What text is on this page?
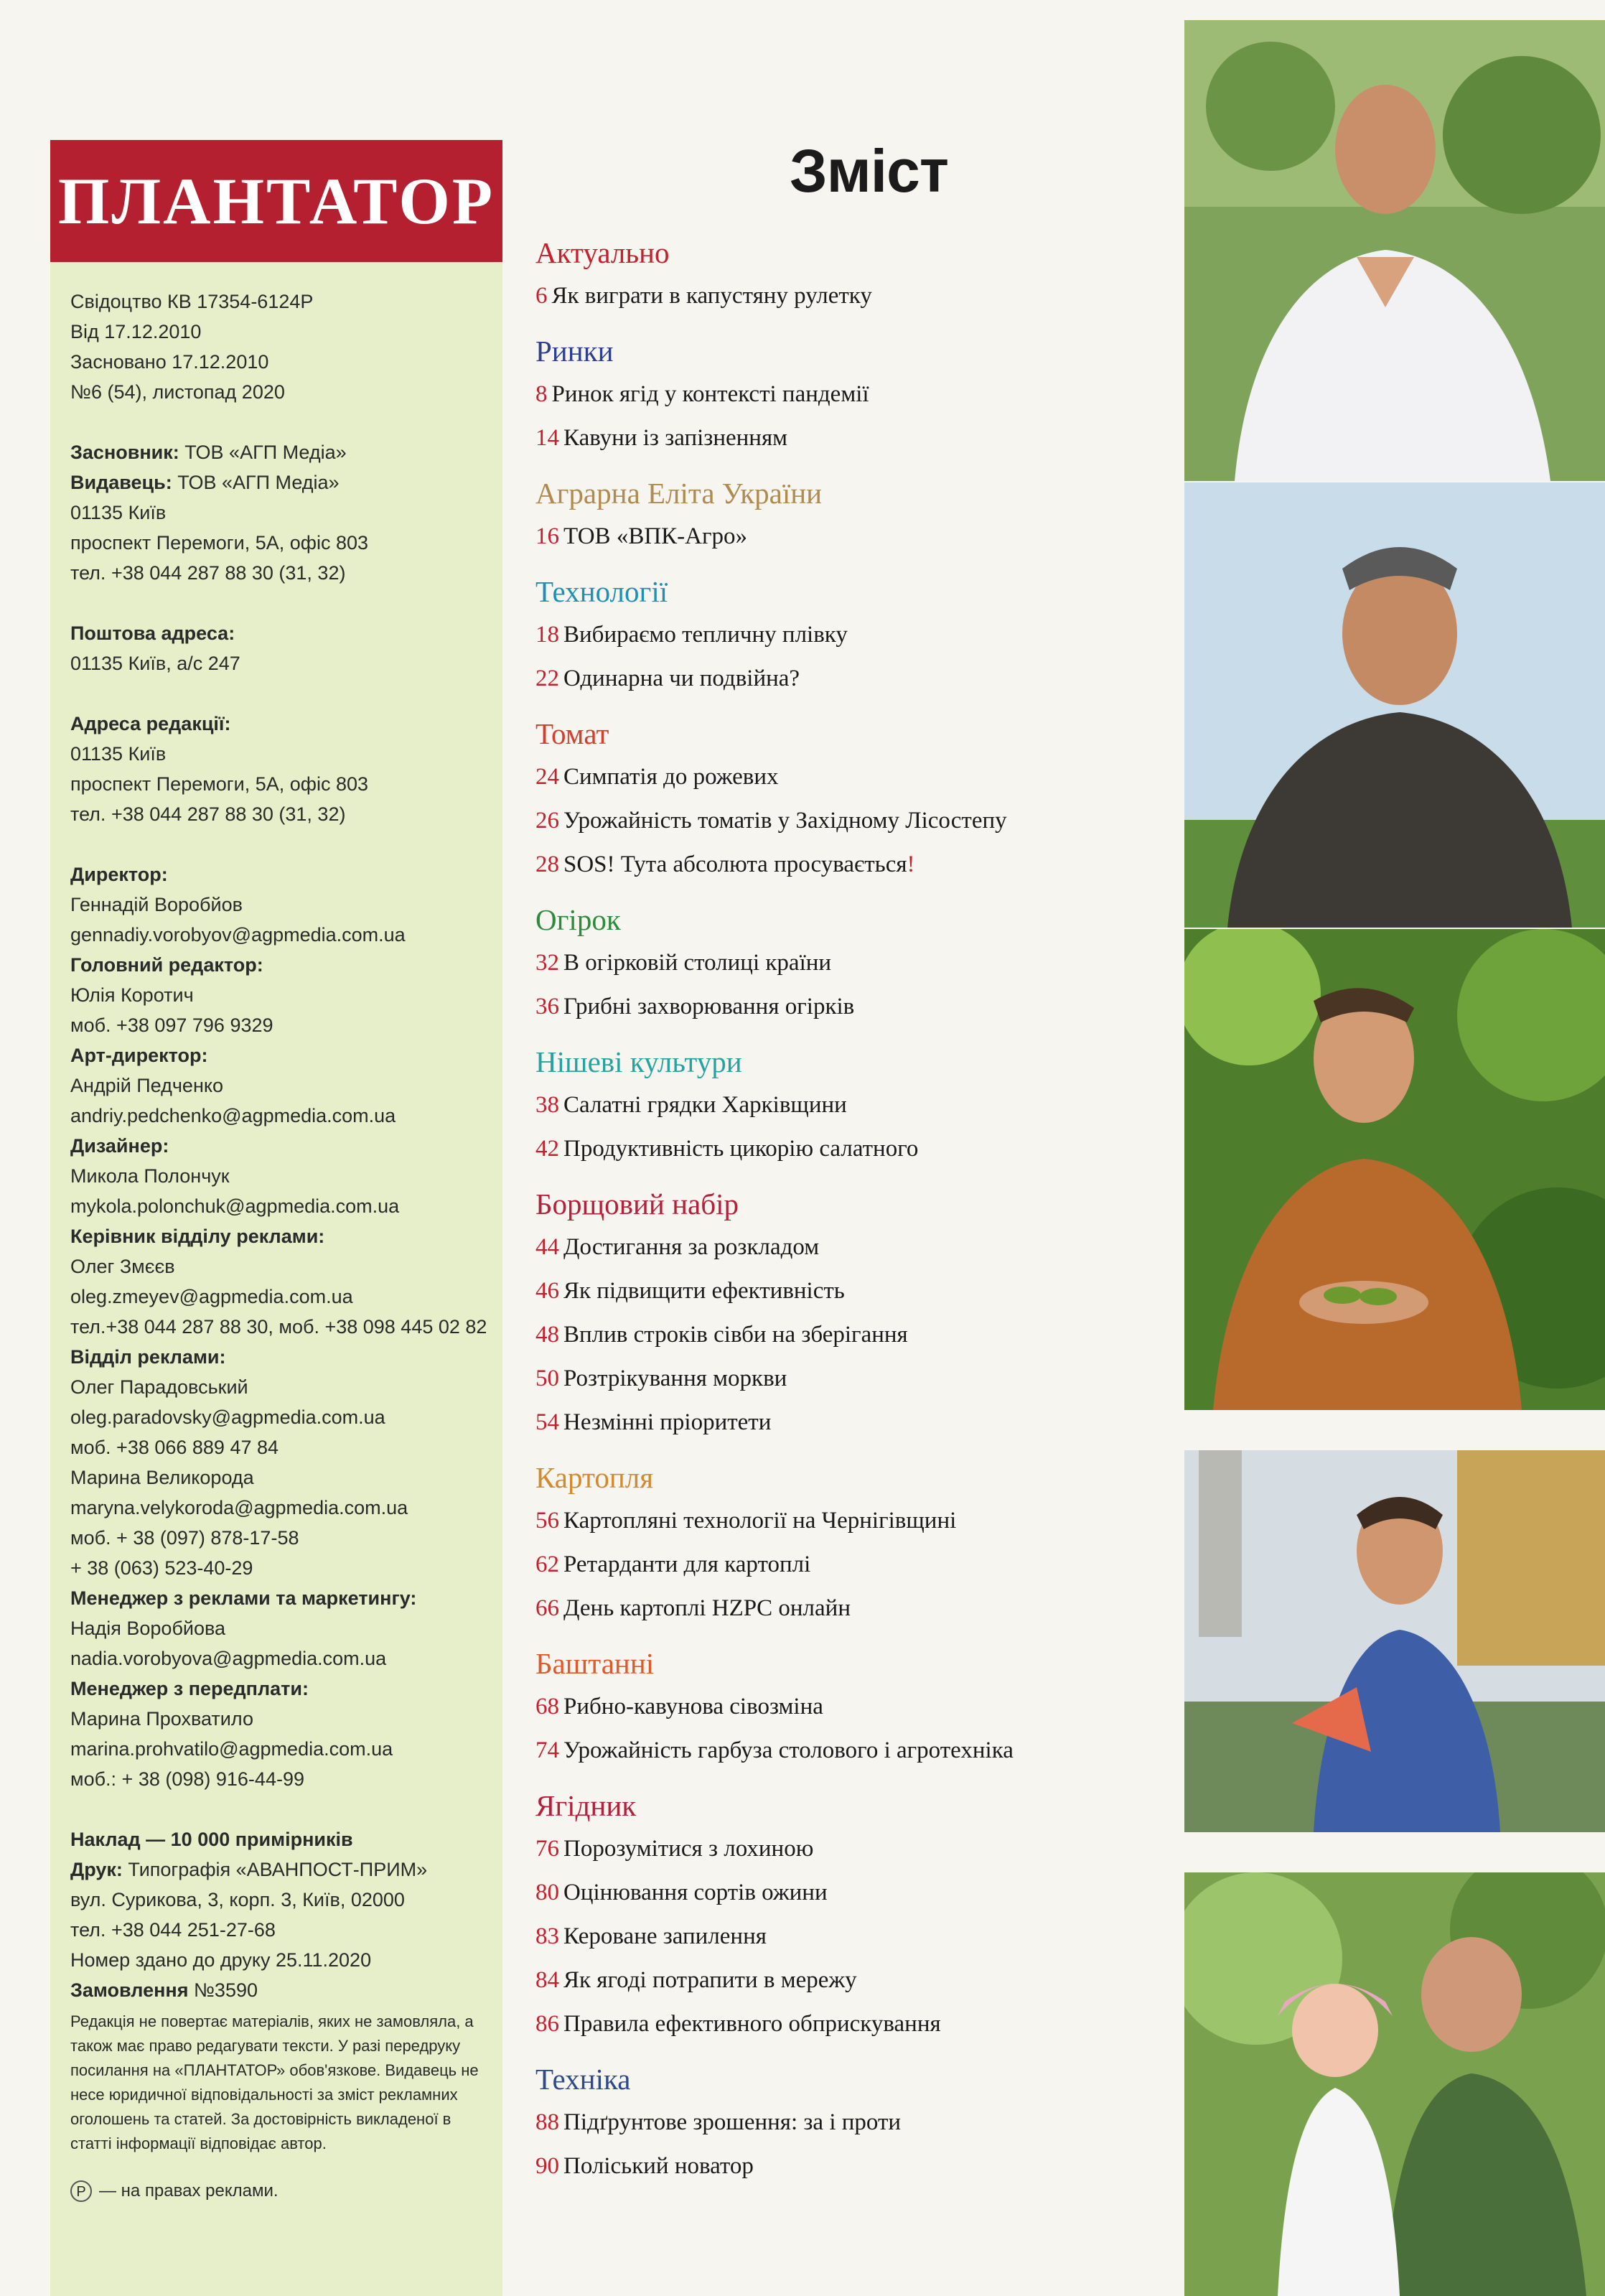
ПЛАНТАТОР
Свідоцтво КВ 17354-6124Р
Від 17.12.2010
Засновано 17.12.2010
№6 (54), листопад 2020
Засновник: ТОВ «АГП Медіа»
Видавець: ТОВ «АГП Медіа»
01135 Київ
проспект Перемоги, 5А, офіс 803
тел. +38 044 287 88 30 (31, 32)
Поштова адреса:
01135 Київ, а/с 247
Адреса редакції:
01135 Київ
проспект Перемоги, 5А, офіс 803
тел. +38 044 287 88 30 (31, 32)
Директор:
Геннадій Воробйов
gennadiy.vorobyov@agpmedia.com.ua
Головний редактор:
Юлія Коротич
моб. +38 097 796 9329
Арт-директор:
Андрій Педченко
andriy.pedchenko@agpmedia.com.ua
Дизайнер:
Микола Полончук
mykola.polonchuk@agpmedia.com.ua
Керівник відділу реклами:
Олег Змєєв
oleg.zmeyev@agpmedia.com.ua
тел.+38 044 287 88 30, моб. +38 098 445 02 82
Відділ реклами:
Олег Парадовський
oleg.paradovsky@agpmedia.com.ua
моб. +38 066 889 47 84
Марина Великорода
maryna.velykoroda@agpmedia.com.ua
моб. + 38 (097) 878-17-58
+ 38 (063) 523-40-29
Менеджер з реклами та маркетингу:
Надія Воробйова
nadia.vorobyova@agpmedia.com.ua
Менеджер з передплати:
Марина Прохватило
marina.prohvatilo@agpmedia.com.ua
моб.: + 38 (098) 916-44-99
Наклад — 10 000 примірників
Друк: Типографія «АВАНПОСТ-ПРИМ»
вул. Сурикова, 3, корп. 3, Київ, 02000
тел. +38 044 251-27-68
Номер здано до друку 25.11.2020
Замовлення №3590
Редакція не повертає матеріалів, яких не замовляла, а також має право редагувати тексти. У разі передруку посилання на «ПЛАНТАТОР» обов'язкове. Видавець не несе юридичної відповідальності за зміст рекламних оголошень та статей. За достовірність викладеної в статті інформації відповідає автор.
P — на правах реклами.
Зміст
Актуально
6 Як виграти в капустяну рулетку
Ринки
8 Ринок ягід у контексті пандемії
14 Кавуни із запізненням
Аграрна Еліта України
16 ТОВ «ВПК-Агро»
Технології
18 Вибираємо тепличну плівку
22 Одинарна чи подвійна?
Томат
24 Симпатія до рожевих
26 Урожайність томатів у Західному Лісостепу
28 SOS! Тута абсолюта просувається!
Огірок
32 В огірковій столиці країни
36 Грибні захворювання огірків
Нішеві культури
38 Салатні грядки Харківщини
42 Продуктивність цикорію салатного
Борщовий набір
44 Достигання за розкладом
46 Як підвищити ефективність
48 Вплив строків сівби на зберігання
50 Розтрікування моркви
54 Незмінні пріоритети
Картопля
56 Картопляні технології на Чернігівщині
62 Ретарданти для картоплі
66 День картоплі HZPC онлайн
Баштанні
68 Рибно-кавунова сівозміна
74 Урожайність гарбуза столового і агротехніка
Ягідник
76 Порозумітися з лохиною
80 Оцінювання сортів ожини
83 Кероване запилення
84 Як ягоді потрапити в мережу
86 Правила ефективного обприскування
Техніка
88 Підґрунтове зрошення: за і проти
90 Поліський новатор
